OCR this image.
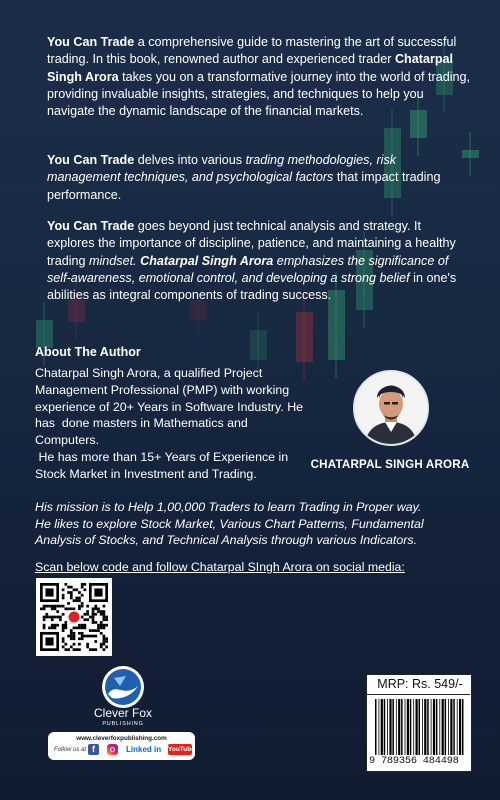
You Can Trade a comprehensive guide to mastering the art of successful trading. In this book, renowned author and experienced trader Chatarpal Singh Arora takes you on a transformative journey into the world of trading, providing invaluable insights, strategies, and techniques to help you navigate the dynamic landscape of the financial markets.

You Can Trade delves into various trading methodologies, risk management techniques, and psychological factors that impact trading performance.

You Can Trade goes beyond just technical analysis and strategy. It explores the importance of discipline, patience, and maintaining a healthy trading mindset. Chatarpal Singh Arora emphasizes the significance of self-awareness, emotional control, and developing a strong belief in one's abilities as integral components of trading success.

About The Author
Chatarpal Singh Arora, a qualified Project
Management Professional (PMP) with working
experience of 20+ Years in Software Industry. He
has  done masters in Mathematics and
Computers.
He has more than 15+ Years of Experience in
Stock Market in Investment and Trading.
CHATARPAL SINGH ARORA
His mission is to Help 1,00,000 Traders to learn Trading in Proper way.
He likes to explore Stock Market, Various Chart Patterns, Fundamental
Analysis of Stocks, and Technical Analysis through various Indicators.
Scan below code and follow Chatarpal SIngh Arora on social media:
Clever Fox
PUBLISHING
www.cleverfoxpublishing.com
Follow us at f	Linked in	YouTube
MRP: Rs. 549/-
9 789356 484498
